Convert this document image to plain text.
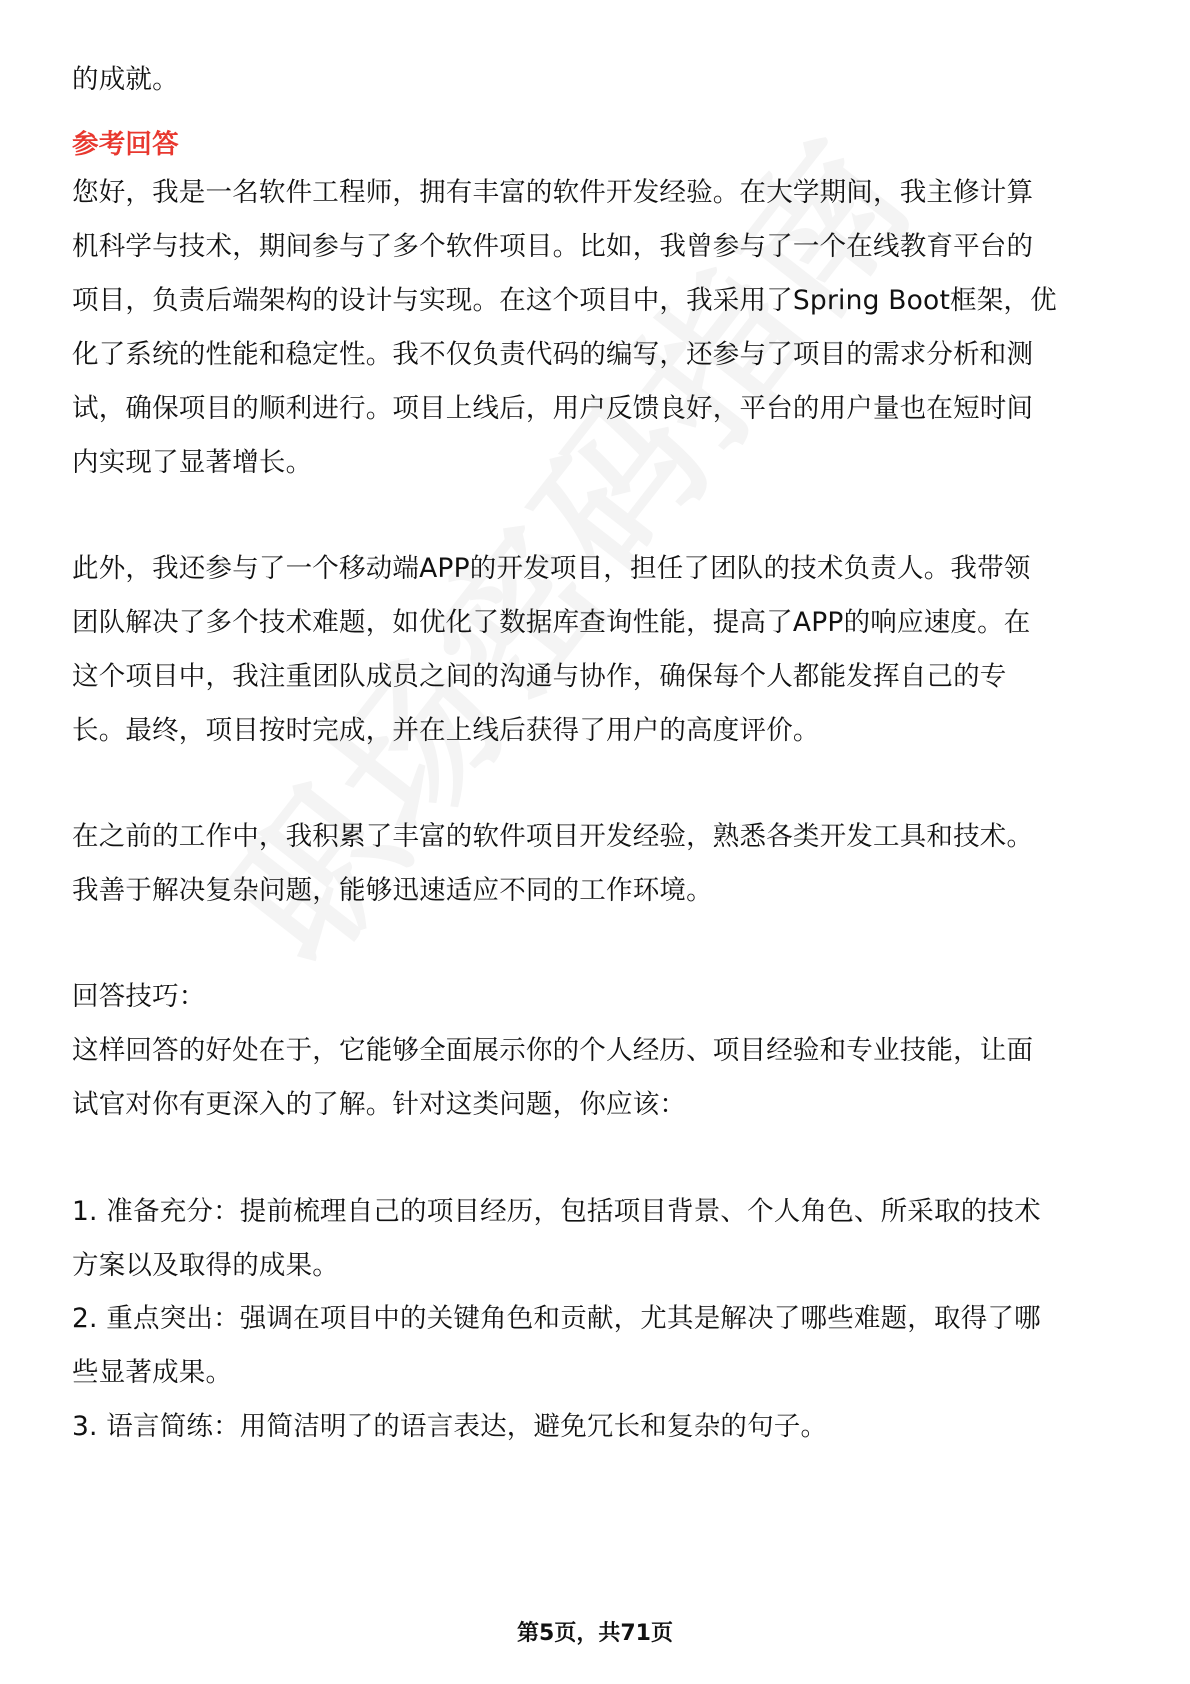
的成就。
参考回答
您好，我是一名软件工程师，拥有丰富的软件开发经验。在大学期间，我主修计算
机科学与技术，期间参与了多个软件项目。比如，我曾参与了一个在线教育平台的
项目，负责后端架构的设计与实现。在这个项目中，我采用了Spring Boot框架，优
化了系统的性能和稳定性。我不仅负责代码的编写，还参与了项目的需求分析和测
试，确保项目的顺利进行。项目上线后，用户反馈良好，平台的用户量也在短时间
内实现了显著增长。
此外，我还参与了一个移动端APP的开发项目，担任了团队的技术负责人。我带领
团队解决了多个技术难题，如优化了数据库查询性能，提高了APP的响应速度。在
这个项目中，我注重团队成员之间的沟通与协作，确保每个人都能发挥自己的专
长。最终，项目按时完成，并在上线后获得了用户的高度评价。
在之前的工作中，我积累了丰富的软件项目开发经验，熟悉各类开发工具和技术。
我善于解决复杂问题，能够迅速适应不同的工作环境。
回答技巧：
这样回答的好处在于，它能够全面展示你的个人经历、项目经验和专业技能，让面
试官对你有更深入的了解。针对这类问题，你应该：
1. 准备充分：提前梳理自己的项目经历，包括项目背景、个人角色、所采取的技术
方案以及取得的成果。
2. 重点突出：强调在项目中的关键角色和贡献，尤其是解决了哪些难题，取得了哪
些显著成果。
3. 语言简练：用简洁明了的语言表达，避免冗长和复杂的句子。
第5页，共71页
